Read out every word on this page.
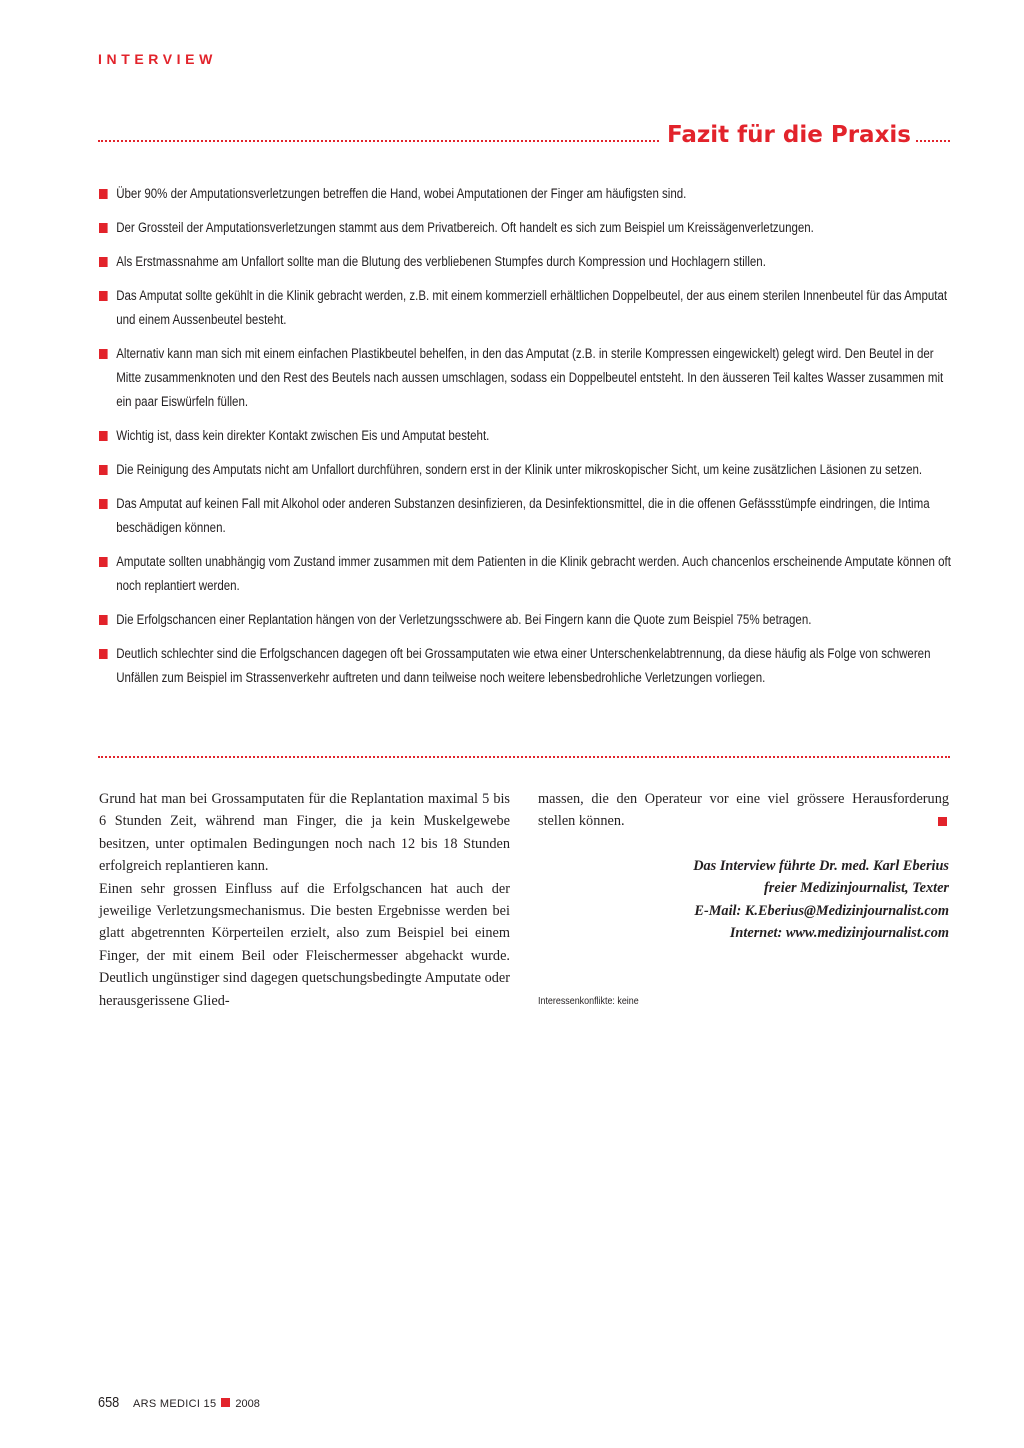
INTERVIEW
Fazit für die Praxis
Über 90% der Amputationsverletzungen betreffen die Hand, wobei Amputationen der Finger am häufigsten sind.
Der Grossteil der Amputationsverletzungen stammt aus dem Privatbereich. Oft handelt es sich zum Beispiel um Kreissägenverletzungen.
Als Erstmassnahme am Unfallort sollte man die Blutung des verbliebenen Stumpfes durch Kompression und Hochlagern stillen.
Das Amputat sollte gekühlt in die Klinik gebracht werden, z.B. mit einem kommerziell erhältlichen Doppelbeutel, der aus einem sterilen Innenbeutel für das Amputat und einem Aussenbeutel besteht.
Alternativ kann man sich mit einem einfachen Plastikbeutel behelfen, in den das Amputat (z.B. in sterile Kompressen eingewickelt) gelegt wird. Den Beutel in der Mitte zusammenknoten und den Rest des Beutels nach aussen umschlagen, sodass ein Doppelbeutel entsteht. In den äusseren Teil kaltes Wasser zusammen mit ein paar Eiswürfeln füllen.
Wichtig ist, dass kein direkter Kontakt zwischen Eis und Amputat besteht.
Die Reinigung des Amputats nicht am Unfallort durchführen, sondern erst in der Klinik unter mikroskopischer Sicht, um keine zusätzlichen Läsionen zu setzen.
Das Amputat auf keinen Fall mit Alkohol oder anderen Substanzen desinfizieren, da Desinfektionsmittel, die in die offenen Gefässstümpfe eindringen, die Intima beschädigen können.
Amputate sollten unabhängig vom Zustand immer zusammen mit dem Patienten in die Klinik gebracht werden. Auch chancenlos erscheinende Amputate können oft noch replantiert werden.
Die Erfolgschancen einer Replantation hängen von der Verletzungsschwere ab. Bei Fingern kann die Quote zum Beispiel 75% betragen.
Deutlich schlechter sind die Erfolgschancen dagegen oft bei Grossamputaten wie etwa einer Unterschenkelabtrennung, da diese häufig als Folge von schweren Unfällen zum Beispiel im Strassenverkehr auftreten und dann teilweise noch weitere lebensbedrohliche Verletzungen vorliegen.

Grund hat man bei Grossamputaten für die Replantation maximal 5 bis 6 Stunden Zeit, während man Finger, die ja kein Muskelgewebe besitzen, unter optimalen Bedingungen noch nach 12 bis 18 Stunden erfolgreich replantieren kann.

Einen sehr grossen Einfluss auf die Erfolgschancen hat auch der jeweilige Verletzungsmechanismus. Die besten Ergebnisse werden bei glatt abgetrennten Körperteilen erzielt, also zum Beispiel bei einem Finger, der mit einem Beil oder Fleischermesser abgehackt wurde. Deutlich ungünstiger sind dagegen quetschungsbedingte Amputate oder herausgerissene Glied-

massen, die den Operateur vor eine viel grössere Herausforderung stellen können.

Das Interview führte Dr. med. Karl Eberius
freier Medizinjournalist, Texter
E-Mail: K.Eberius@Medizinjournalist.com
Internet: www.medizinjournalist.com
Interessenkonflikte: keine
658 ARS MEDICI 15 2008
